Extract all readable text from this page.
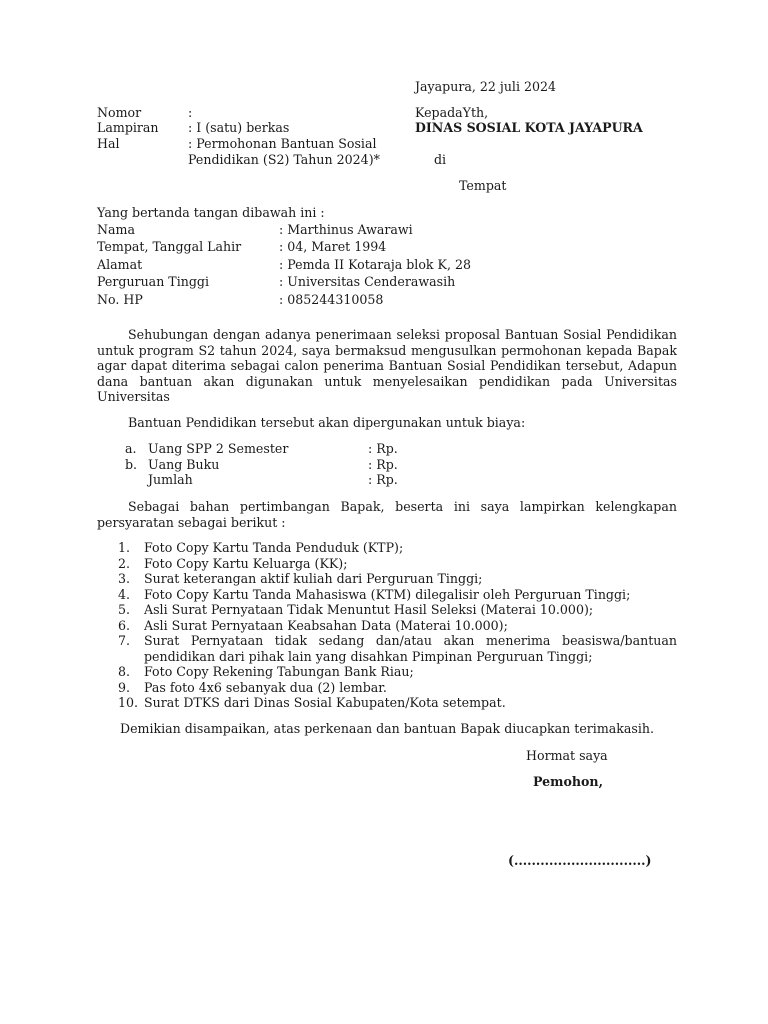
Jayapura, 22 juli 2024
Nomor	:	KepadaYth,
Lampiran : I (satu) berkas	DINAS SOSIAL KOTA JAYAPURA
Hal	: Permohonan Bantuan Sosial
Pendidikan (S2) Tahun 2024)*	di
Tempat
Yang bertanda tangan dibawah ini :
Nama	: Marthinus Awarawi
Tempat, Tanggal Lahir	: 04, Maret 1994
Alamat	: Pemda II Kotaraja blok K, 28
Perguruan Tinggi	: Universitas Cenderawasih
No. HP	: 085244310058
Sehubungan dengan adanya penerimaan seleksi proposal Bantuan Sosial Pendidikan untuk program S2 tahun 2024, saya bermaksud mengusulkan permohonan kepada Bapak agar dapat diterima sebagai calon penerima Bantuan Sosial Pendidikan tersebut, Adapun dana bantuan akan digunakan untuk menyelesaikan pendidikan pada Universitas Universitas
Bantuan Pendidikan tersebut akan dipergunakan untuk biaya:
a. Uang SPP 2 Semester	: Rp.
b. Uang Buku	: Rp.
Jumlah	: Rp.
Sebagai bahan pertimbangan Bapak, beserta ini saya lampirkan kelengkapan persyaratan sebagai berikut :
1.	Foto Copy Kartu Tanda Penduduk (KTP);
2.	Foto Copy Kartu Keluarga (KK);
3.	Surat keterangan aktif kuliah dari Perguruan Tinggi;
4.	Foto Copy Kartu Tanda Mahasiswa (KTM) dilegalisir oleh Perguruan Tinggi;
5.	Asli Surat Pernyataan Tidak Menuntut Hasil Seleksi (Materai 10.000);
6.	Asli Surat Pernyataan Keabsahan Data (Materai 10.000);
7.	Surat Pernyataan tidak sedang dan/atau akan menerima beasiswa/bantuan pendidikan dari pihak lain yang disahkan Pimpinan Perguruan Tinggi;
8.	Foto Copy Rekening Tabungan Bank Riau;
9.	Pas foto 4x6 sebanyak dua (2) lembar.
10. Surat DTKS dari Dinas Sosial Kabupaten/Kota setempat.
Demikian disampaikan, atas perkenaan dan bantuan Bapak diucapkan terimakasih.
Hormat saya
Pemohon,
(..............................)
